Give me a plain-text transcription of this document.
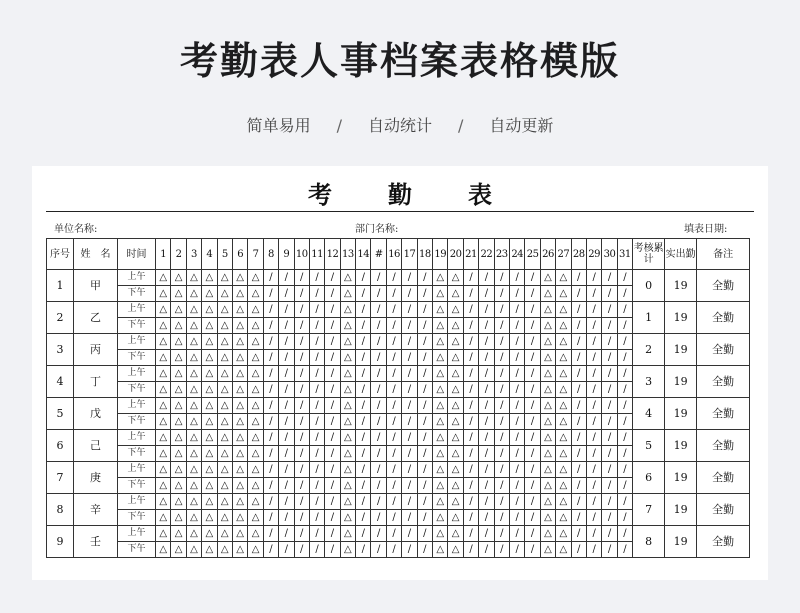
考勤表人事档案表格模版
简单易用 / 自动统计 / 自动更新
考 勤 表
单位名称:	部门名称:	填表日期:
序号	姓　名	时间	1	2	3	4	5	6	7	8	9	10	11	12	13	14	#	16	17	18	19	20	21	22	23	24	25	26	27	28	29	30	31	考核累计	实出勤	备注
1	甲	上午	△	△	△	△	△	△	△	/	/	/	/	/	△	/	/	/	/	/	△	△	/	/	/	/	/	△	△	/	/	/	/	0	19	全勤
		下午	△	△	△	△	△	△	△	/	/	/	/	/	△	/	/	/	/	/	△	△	/	/	/	/	/	△	△	/	/	/	/			
2	乙	上午	△	△	△	△	△	△	△	/	/	/	/	/	△	/	/	/	/	/	△	△	/	/	/	/	/	△	△	/	/	/	/	1	19	全勤
		下午	△	△	△	△	△	△	△	/	/	/	/	/	△	/	/	/	/	/	△	△	/	/	/	/	/	△	△	/	/	/	/			
3	丙	上午	△	△	△	△	△	△	△	/	/	/	/	/	△	/	/	/	/	/	△	△	/	/	/	/	/	△	△	/	/	/	/	2	19	全勤
		下午	△	△	△	△	△	△	△	/	/	/	/	/	△	/	/	/	/	/	△	△	/	/	/	/	/	△	△	/	/	/	/			
4	丁	上午	△	△	△	△	△	△	△	/	/	/	/	/	△	/	/	/	/	/	△	△	/	/	/	/	/	△	△	/	/	/	/	3	19	全勤
		下午	△	△	△	△	△	△	△	/	/	/	/	/	△	/	/	/	/	/	△	△	/	/	/	/	/	△	△	/	/	/	/			
5	戊	上午	△	△	△	△	△	△	△	/	/	/	/	/	△	/	/	/	/	/	△	△	/	/	/	/	/	△	△	/	/	/	/	4	19	全勤
		下午	△	△	△	△	△	△	△	/	/	/	/	/	△	/	/	/	/	/	△	△	/	/	/	/	/	△	△	/	/	/	/			
6	己	上午	△	△	△	△	△	△	△	/	/	/	/	/	△	/	/	/	/	/	△	△	/	/	/	/	/	△	△	/	/	/	/	5	19	全勤
		下午	△	△	△	△	△	△	△	/	/	/	/	/	△	/	/	/	/	/	△	△	/	/	/	/	/	△	△	/	/	/	/			
7	庚	上午	△	△	△	△	△	△	△	/	/	/	/	/	△	/	/	/	/	/	△	△	/	/	/	/	/	△	△	/	/	/	/	6	19	全勤
		下午	△	△	△	△	△	△	△	/	/	/	/	/	△	/	/	/	/	/	△	△	/	/	/	/	/	△	△	/	/	/	/			
8	辛	上午	△	△	△	△	△	△	△	/	/	/	/	/	△	/	/	/	/	/	△	△	/	/	/	/	/	△	△	/	/	/	/	7	19	全勤
		下午	△	△	△	△	△	△	△	/	/	/	/	/	△	/	/	/	/	/	△	△	/	/	/	/	/	△	△	/	/	/	/			
9	壬	上午	△	△	△	△	△	△	△	/	/	/	/	/	△	/	/	/	/	/	△	△	/	/	/	/	/	△	△	/	/	/	/	8	19	全勤
		下午	△	△	△	△	△	△	△	/	/	/	/	/	△	/	/	/	/	/	△	△	/	/	/	/	/	△	△	/	/	/	/			
